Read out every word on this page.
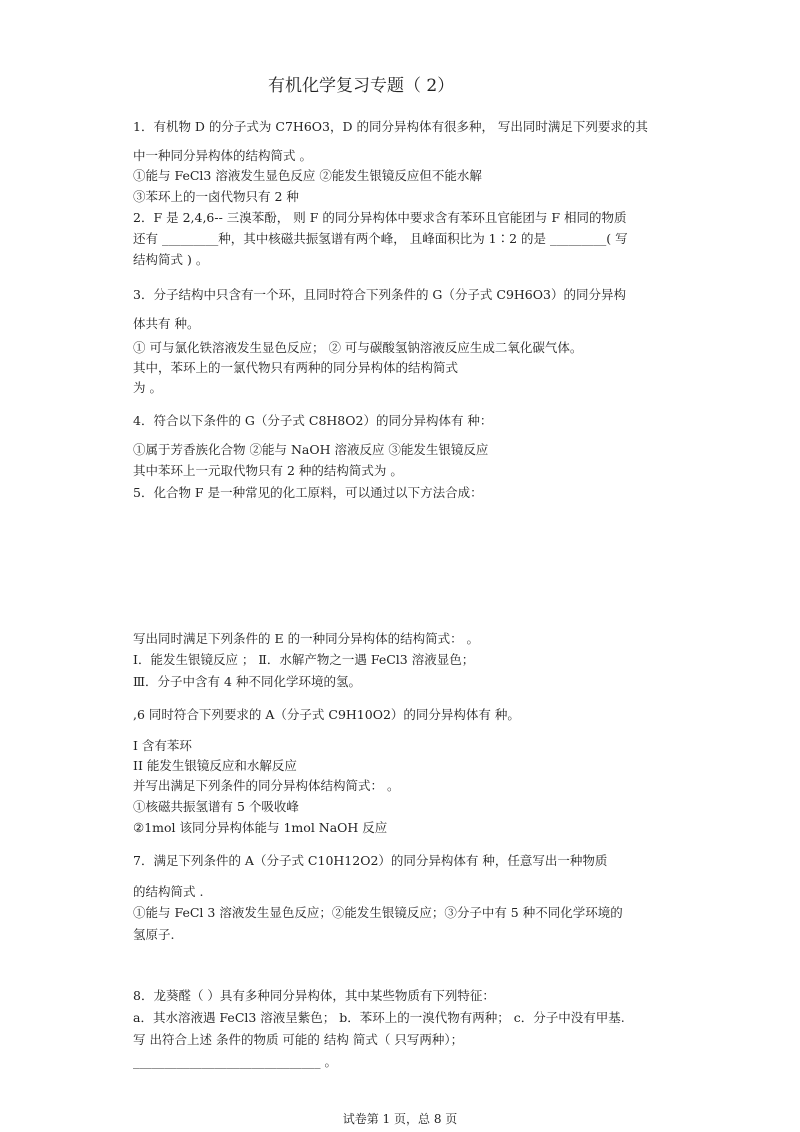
有机化学复习专题（ 2）
1．有机物 D 的分子式为 C7H6O3，D 的同分异构体有很多种， 写出同时满足下列要求的其
中一种同分异构体的结构简式 。
①能与 FeCl3 溶液发生显色反应 ②能发生银镜反应但不能水解
③苯环上的一卤代物只有 2 种
2．F 是 2,4,6-- 三溴苯酚， 则 F 的同分异构体中要求含有苯环且官能团与 F 相同的物质
还有 _________种，其中核磁共振氢谱有两个峰， 且峰面积比为 1∶2 的是 _________( 写
结构简式 ) 。
3．分子结构中只含有一个环，且同时符合下列条件的 G（分子式 C9H6O3）的同分异构
体共有 种。
① 可与氯化铁溶液发生显色反应； ② 可与碳酸氢钠溶液反应生成二氧化碳气体。
其中，苯环上的一氯代物只有两种的同分异构体的结构简式
为 。
4．符合以下条件的 G（分子式 C8H8O2）的同分异构体有 种：
①属于芳香族化合物 ②能与 NaOH 溶液反应 ③能发生银镜反应
其中苯环上一元取代物只有 2 种的结构简式为 。
5．化合物 F 是一种常见的化工原料，可以通过以下方法合成：
写出同时满足下列条件的 E 的一种同分异构体的结构简式： 。
Ⅰ．能发生银镜反应 ； Ⅱ．水解产物之一遇 FeCl3 溶液显色；
Ⅲ．分子中含有 4 种不同化学环境的氢。
,6 同时符合下列要求的 A（分子式 C9H10O2）的同分异构体有 种。
I 含有苯环
II 能发生银镜反应和水解反应
并写出满足下列条件的同分异构体结构简式： 。
①核磁共振氢谱有 5 个吸收峰
②1mol 该同分异构体能与 1mol NaOH 反应
7．满足下列条件的 A（分子式 C10H12O2）的同分异构体有 种，任意写出一种物质
的结构简式 .
①能与 FeCl 3 溶液发生显色反应；②能发生银镜反应；③分子中有 5 种不同化学环境的
氢原子.
8．龙葵醛（ ）具有多种同分异构体，其中某些物质有下列特征：
a．其水溶液遇 FeCl3 溶液呈紫色； b．苯环上的一溴代物有两种； c．分子中没有甲基.
写 出符合上述 条件的物质 可能的 结构 简式（ 只写两种）；
______________________________ 。
试卷第 1 页，总 8 页
